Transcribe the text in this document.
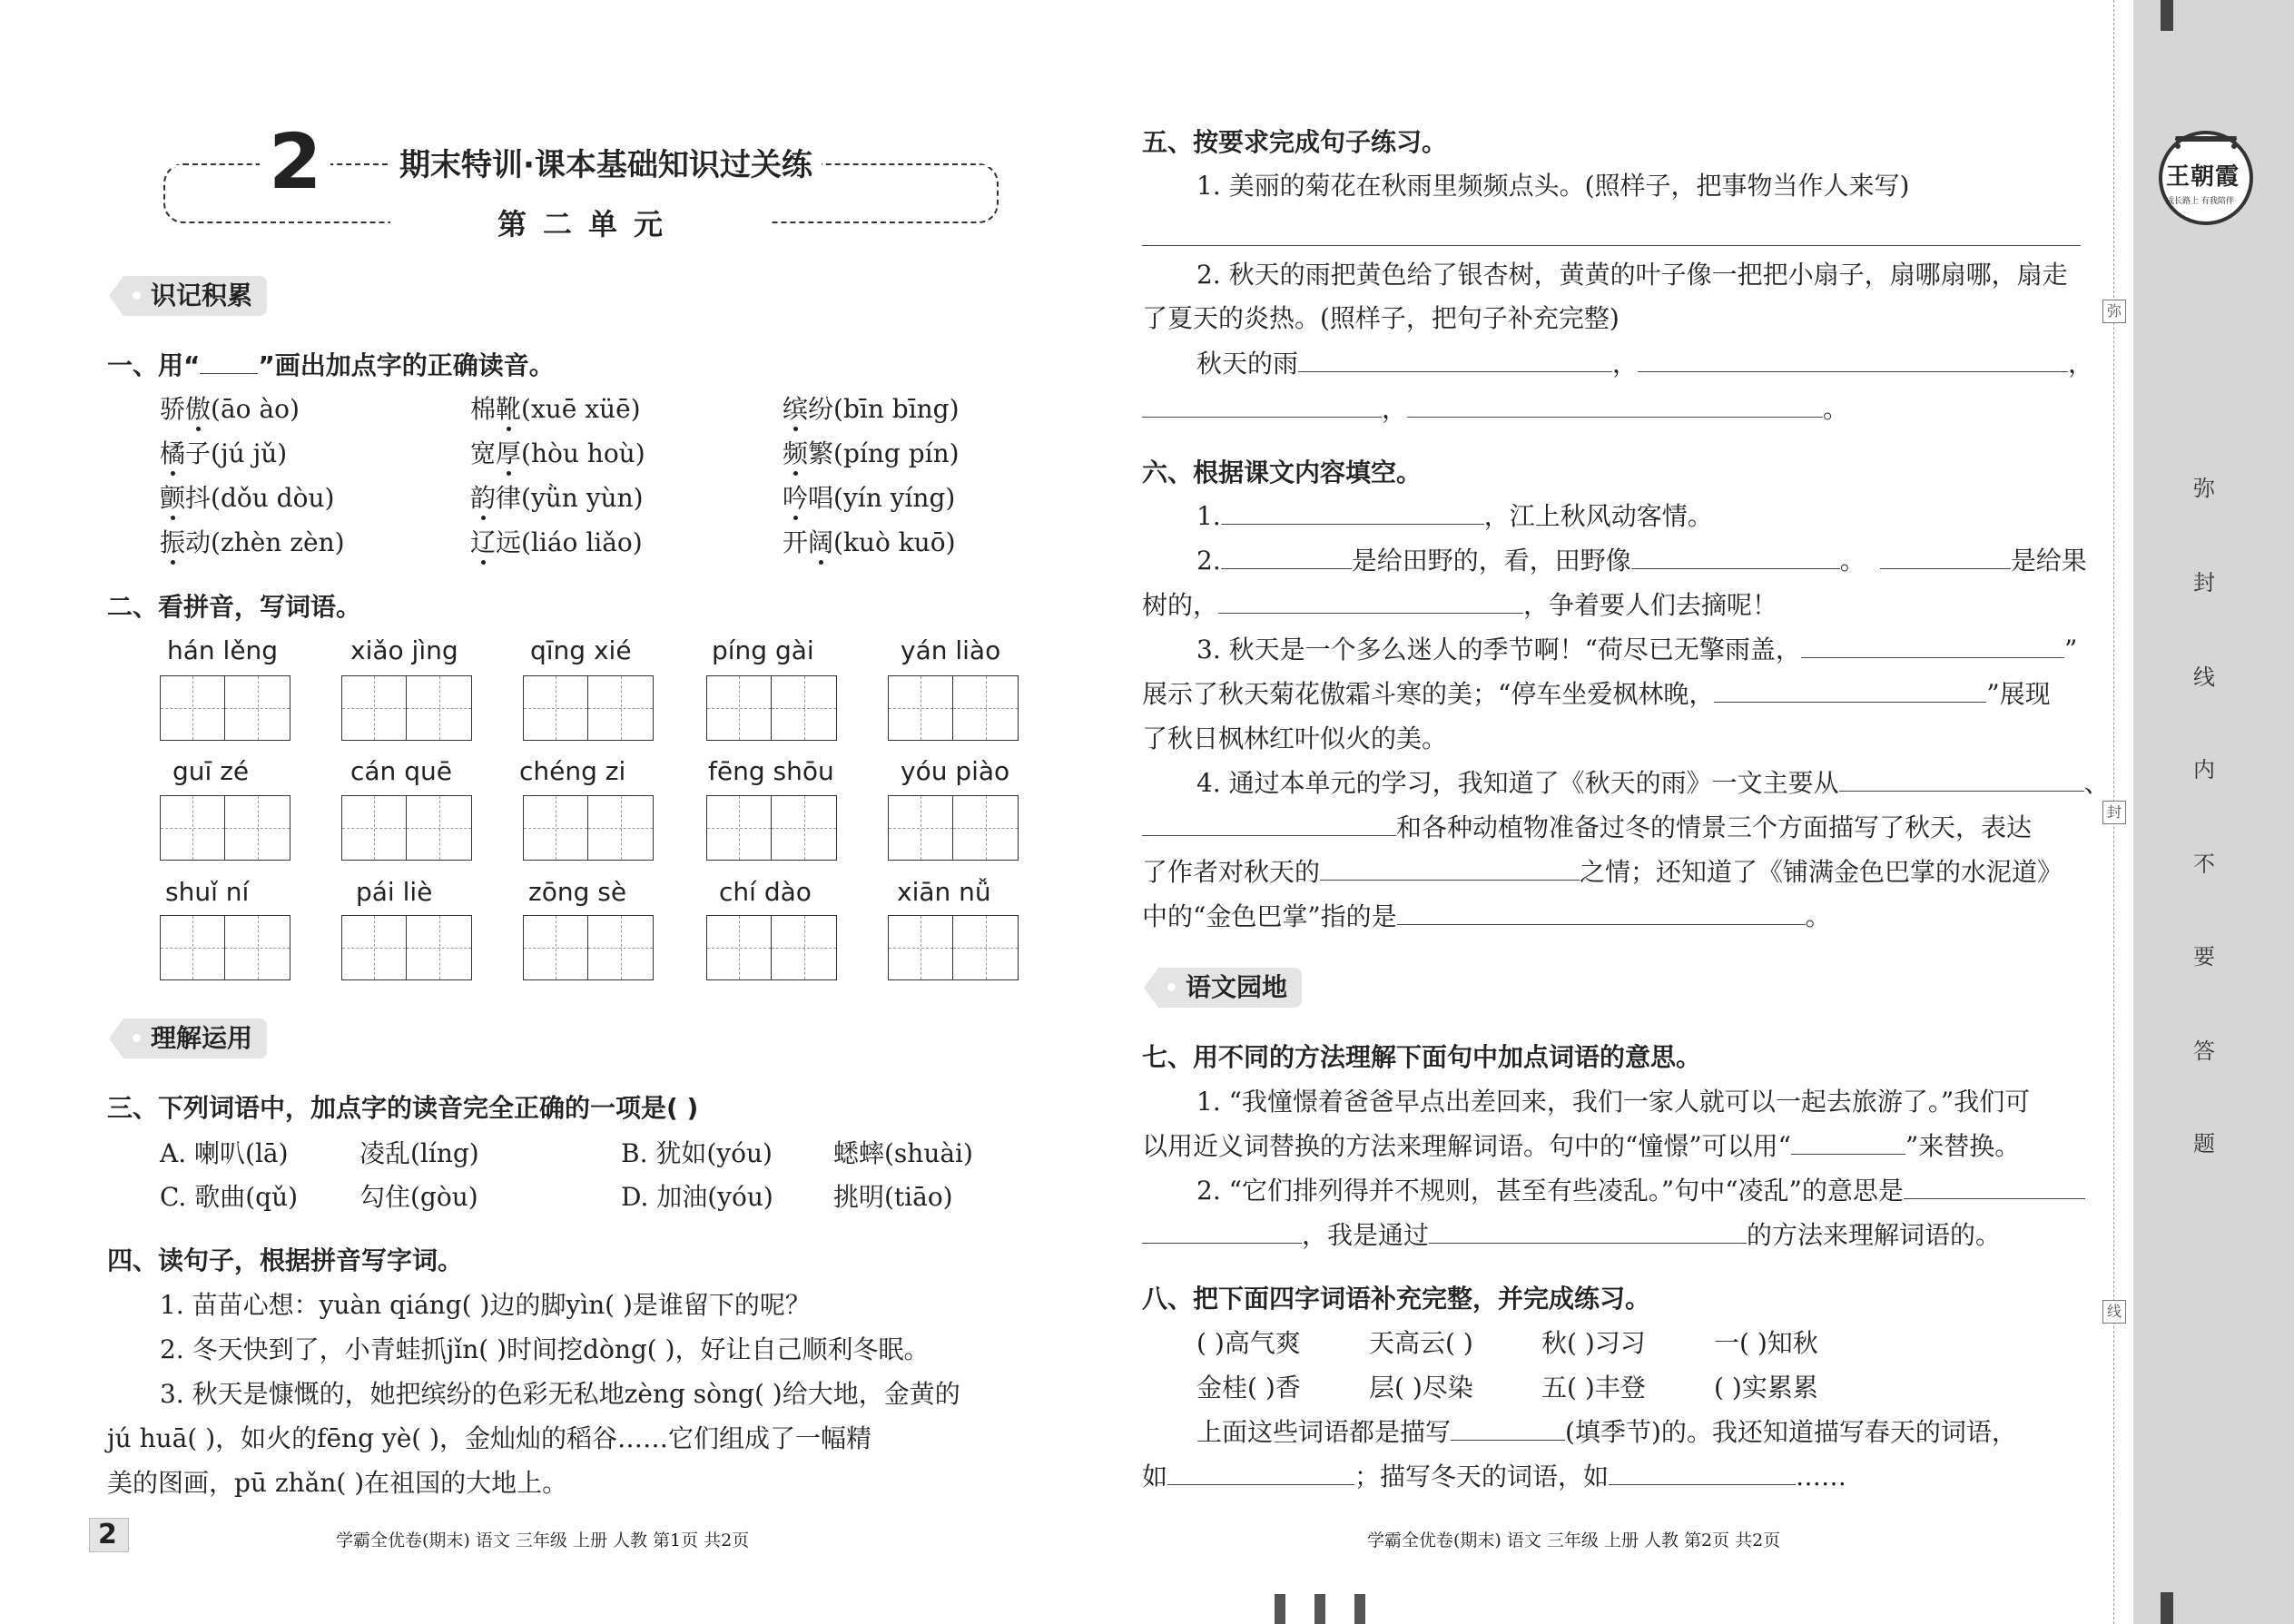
2	期末特训·课本基础知识过关练
第二单元
识记积累
一、用“ ”画出加点字的正确读音。
骄傲(āo ào)	棉靴(xuē xüē)	缤纷(bīn bīng)
橘子(jú jǔ)	宽厚(hòu hoù)	频繁(píng pín)
颤抖(dǒu dòu)	韵律(yǜn yùn)	吟唱(yín yíng)
振动(zhèn zèn)	辽远(liáo liǎo)	开阔(kuò kuō)
二、看拼音，写词语。
hán lěng	xiǎo jìng	qīng xié	píng gài	yán liào
guī zé	cán quē	chéng zi	fēng shōu	yóu piào
shuǐ ní	pái liè	zōng sè	chí dào	xiān nǚ
理解运用
三、下列词语中，加点字的读音完全正确的一项是( )
A. 喇叭(lā)	凌乱(líng)	B. 犹如(yóu) 蟋蟀(shuài)
C. 歌曲(qǔ) 勾住(gòu)	D. 加油(yóu) 挑明(tiāo)
四、读句子，根据拼音写字词。
1. 苗苗心想：yuàn qiáng( )边的脚yìn( )是谁留下的呢？
2. 冬天快到了，小青蛙抓jǐn( )时间挖dòng( )，好让自己顺利冬眠。
3. 秋天是慷慨的，她把缤纷的色彩无私地zèng sòng( )给大地，金黄的
jú huā( )，如火的fēng yè( )，金灿灿的稻谷……它们组成了一幅精
美的图画，pū zhǎn( )在祖国的大地上。
2	学霸全优卷(期末) 语文 三年级 上册 人教 第1页 共2页
五、按要求完成句子练习。
1. 美丽的菊花在秋雨里频频点头。(照样子，把事物当作人来写)
2. 秋天的雨把黄色给了银杏树，黄黄的叶子像一把把小扇子，扇哪扇哪，扇走
了夏天的炎热。(照样子，把句子补充完整)
秋天的雨	，	，
，	。
六、根据课文内容填空。
1.	，江上秋风动客情。
2.	是给田野的，看，田野像	。	是给果
树的，	，争着要人们去摘呢！
3. 秋天是一个多么迷人的季节啊！“荷尽已无擎雨盖，	”
展示了秋天菊花傲霜斗寒的美；“停车坐爱枫林晚，	”展现
了秋日枫林红叶似火的美。
4. 通过本单元的学习，我知道了《秋天的雨》一文主要从	、
和各种动植物准备过冬的情景三个方面描写了秋天，表达
了作者对秋天的	之情；还知道了《铺满金色巴掌的水泥道》
中的“金色巴掌”指的是	。
语文园地
七、用不同的方法理解下面句中加点词语的意思。
1. “我憧憬着爸爸早点出差回来，我们一家人就可以一起去旅游了。”我们可
以用近义词替换的方法来理解词语。句中的“憧憬”可以用“	”来替换。
2. “它们排列得并不规则，甚至有些凌乱。”句中“凌乱”的意思是
，我是通过	的方法来理解词语的。
八、把下面四字词语补充完整，并完成练习。
( )高气爽	天高云( )	秋( )习习	一( )知秋
金桂( )香	层( )尽染	五( )丰登	( )实累累
上面这些词语都是描写	(填季节)的。我还知道描写春天的词语，
如	；描写冬天的词语，如	……
学霸全优卷(期末) 语文 三年级 上册 人教 第2页 共2页
王朝霞
成长路上 有我陪伴
弥
封
线
内
不
要
答
题
弥
封
线
